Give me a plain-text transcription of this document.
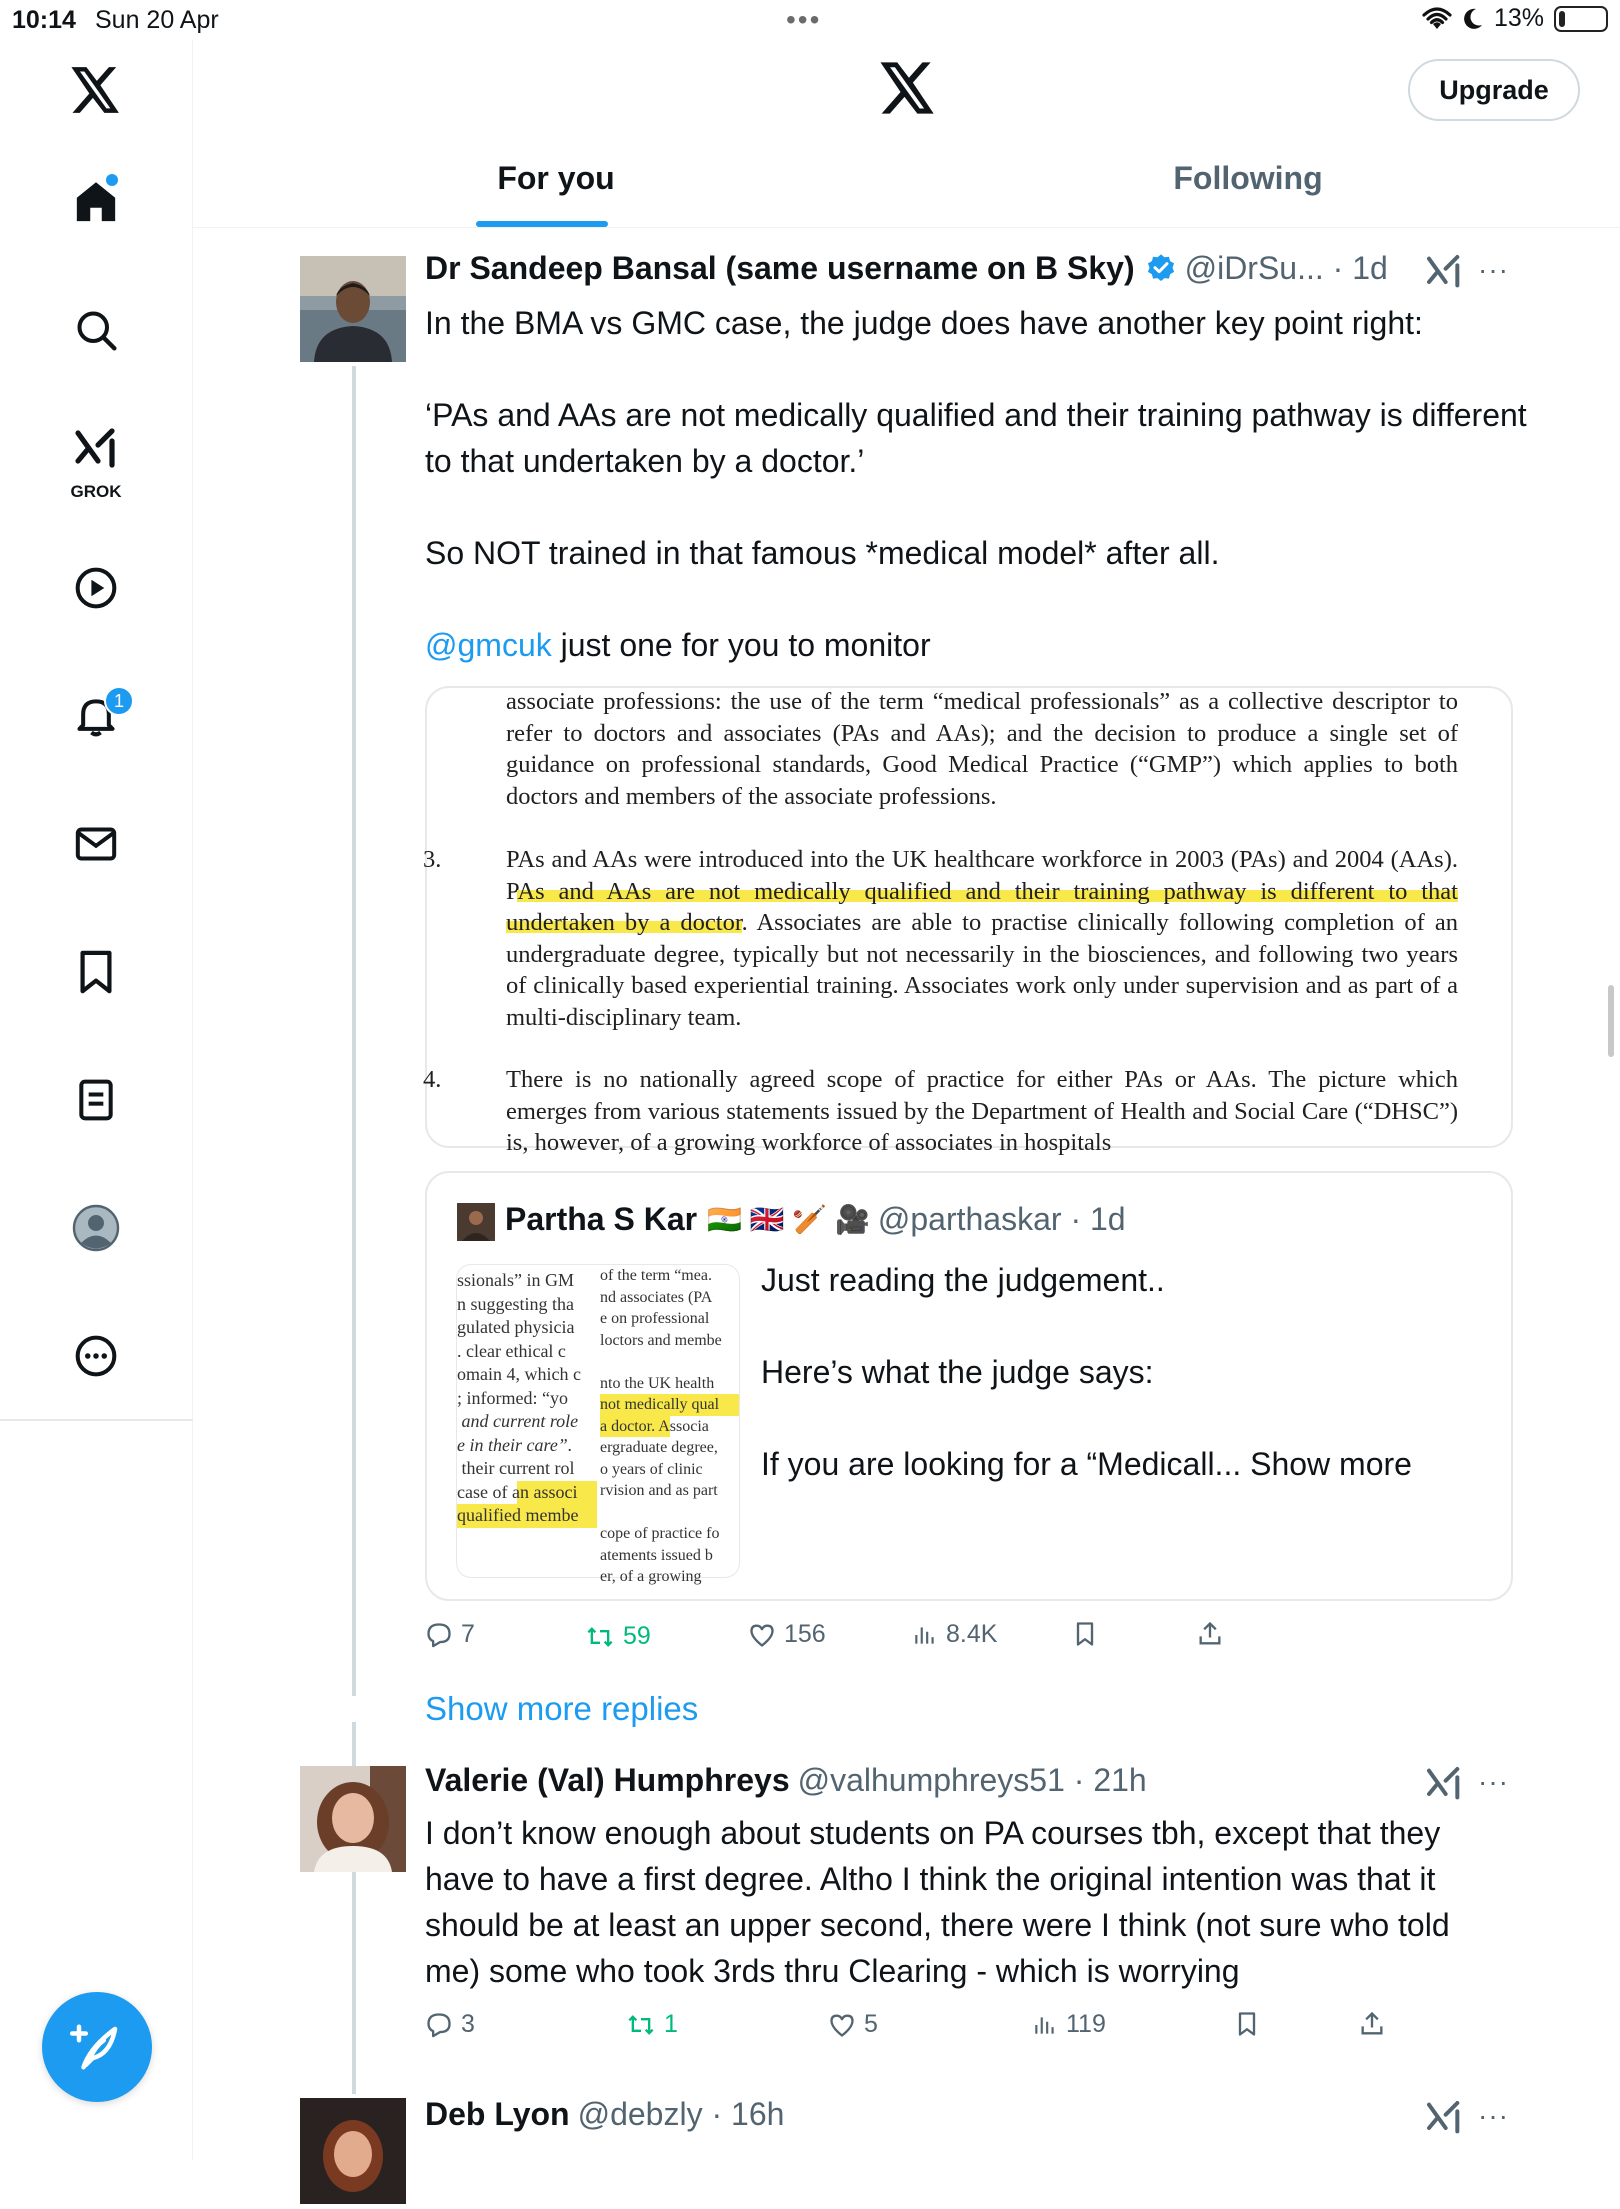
10:14 Sun 20 Apr	•••	13%
GROK
1
Upgrade
For you	Following
Dr Sandeep Bansal (same username on B Sky) @iDrSu... · 1d	···
In the BMA vs GMC case, the judge does have another key point right:
‘PAs and AAs are not medically qualified and their training pathway is different to that undertaken by a doctor.’
So NOT trained in that famous *medical model* after all.
@gmcuk just one for you to monitor
associate professions: the use of the term “medical professionals” as a collective descriptor to refer to doctors and associates (PAs and AAs); and the decision to produce a single set of guidance on professional standards, Good Medical Practice (“GMP”) which applies to both doctors and members of the associate professions.
3.	PAs and AAs were introduced into the UK healthcare workforce in 2003 (PAs) and 2004 (AAs). PAs and AAs are not medically qualified and their training pathway is different to that undertaken by a doctor. Associates are able to practise clinically following completion of an undergraduate degree, typically but not necessarily in the biosciences, and following two years of clinically based experiential training. Associates work only under supervision and as part of a multi-disciplinary team.
4.	There is no nationally agreed scope of practice for either PAs or AAs. The picture which emerges from various statements issued by the Department of Health and Social Care (“DHSC”) is, however, of a growing workforce of associates in hospitals
Partha S Kar 🇮🇳 🇬🇧 🏏 🎥 @parthaskar · 1d
ssionals” in GM
n suggesting tha
gulated physicia
. clear ethical c
omain 4, which c
; informed: “yo
and current role
e in their care”.
their current rol
case of an associ
qualified membe
of the term “mea.
nd associates (PA
e on professional
loctors and membe

nto the UK health
not medically qual
a doctor. Associa
ergraduate degree,
o years of clinic
rvision and as part

cope of practice fo
atements issued b
er, of a growing
Just reading the judgement..
Here’s what the judge says:
If you are looking for a “Medicall... Show more
7	59	156	8.4K
Show more replies
Valerie (Val) Humphreys @valhumphreys51 · 21h	···
I don’t know enough about students on PA courses tbh, except that they have to have a first degree. Altho I think the original intention was that it should be at least an upper second, there were I think (not sure who told me) some who took 3rds thru Clearing - which is worrying
3	1	5	119
Deb Lyon @debzly · 16h	···
